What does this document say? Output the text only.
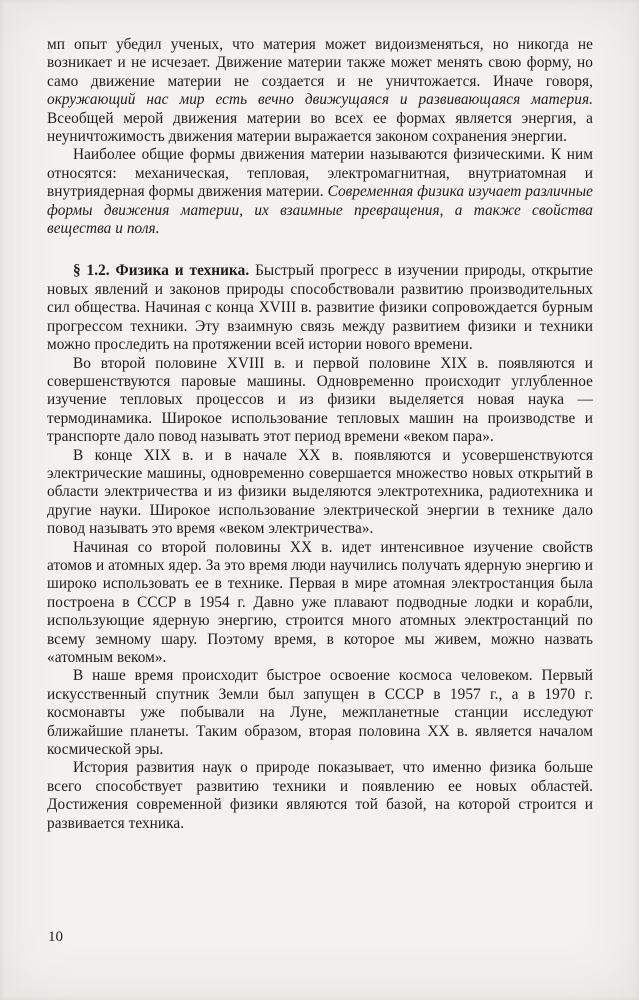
мп опыт убедил ученых, что материя может видоизменяться, но никогда не возникает и не исчезает. Движение материи также может менять свою форму, но само движение материи не создается и не уничтожается. Иначе говоря, окружающий нас мир есть вечно движущаяся и развивающаяся материя. Всеобщей мерой движения материи во всех ее формах является энергия, а неуничтожимость движения материи выражается законом сохранения энергии.

Наиболее общие формы движения материи называются физическими. К ним относятся: механическая, тепловая, электромагнитная, внутриатомная и внутриядерная формы движения материи. Современная физика изучает различные формы движения материи, их взаимные превращения, а также свойства вещества и поля.

§ 1.2. Физика и техника. Быстрый прогресс в изучении природы, открытие новых явлений и законов природы способствовали развитию производительных сил общества. Начиная с конца XVIII в. развитие физики сопровождается бурным прогрессом техники. Эту взаимную связь между развитием физики и техники можно проследить на протяжении всей истории нового времени.

Во второй половине XVIII в. и первой половине XIX в. появляются и совершенствуются паровые машины. Одновременно происходит углубленное изучение тепловых процессов и из физики выделяется новая наука — термодинамика. Широкое использование тепловых машин на производстве и транспорте дало повод называть этот период времени «веком пара».

В конце XIX в. и в начале XX в. появляются и усовершенствуются электрические машины, одновременно совершается множество новых открытий в области электричества и из физики выделяются электротехника, радиотехника и другие науки. Широкое использование электрической энергии в технике дало повод называть это время «веком электричества».

Начиная со второй половины XX в. идет интенсивное изучение свойств атомов и атомных ядер. За это время люди научились получать ядерную энергию и широко использовать ее в технике. Первая в мире атомная электростанция была построена в СССР в 1954 г. Давно уже плавают подводные лодки и корабли, использующие ядерную энергию, строится много атомных электростанций по всему земному шару. Поэтому время, в которое мы живем, можно назвать «атомным веком».

В наше время происходит быстрое освоение космоса человеком. Первый искусственный спутник Земли был запущен в СССР в 1957 г., а в 1970 г. космонавты уже побывали на Луне, межпланетные станции исследуют ближайшие планеты. Таким образом, вторая половина XX в. является началом космической эры.

История развития наук о природе показывает, что именно физика больше всего способствует развитию техники и появлению ее новых областей. Достижения современной физики являются той базой, на которой строится и развивается техника.

10
